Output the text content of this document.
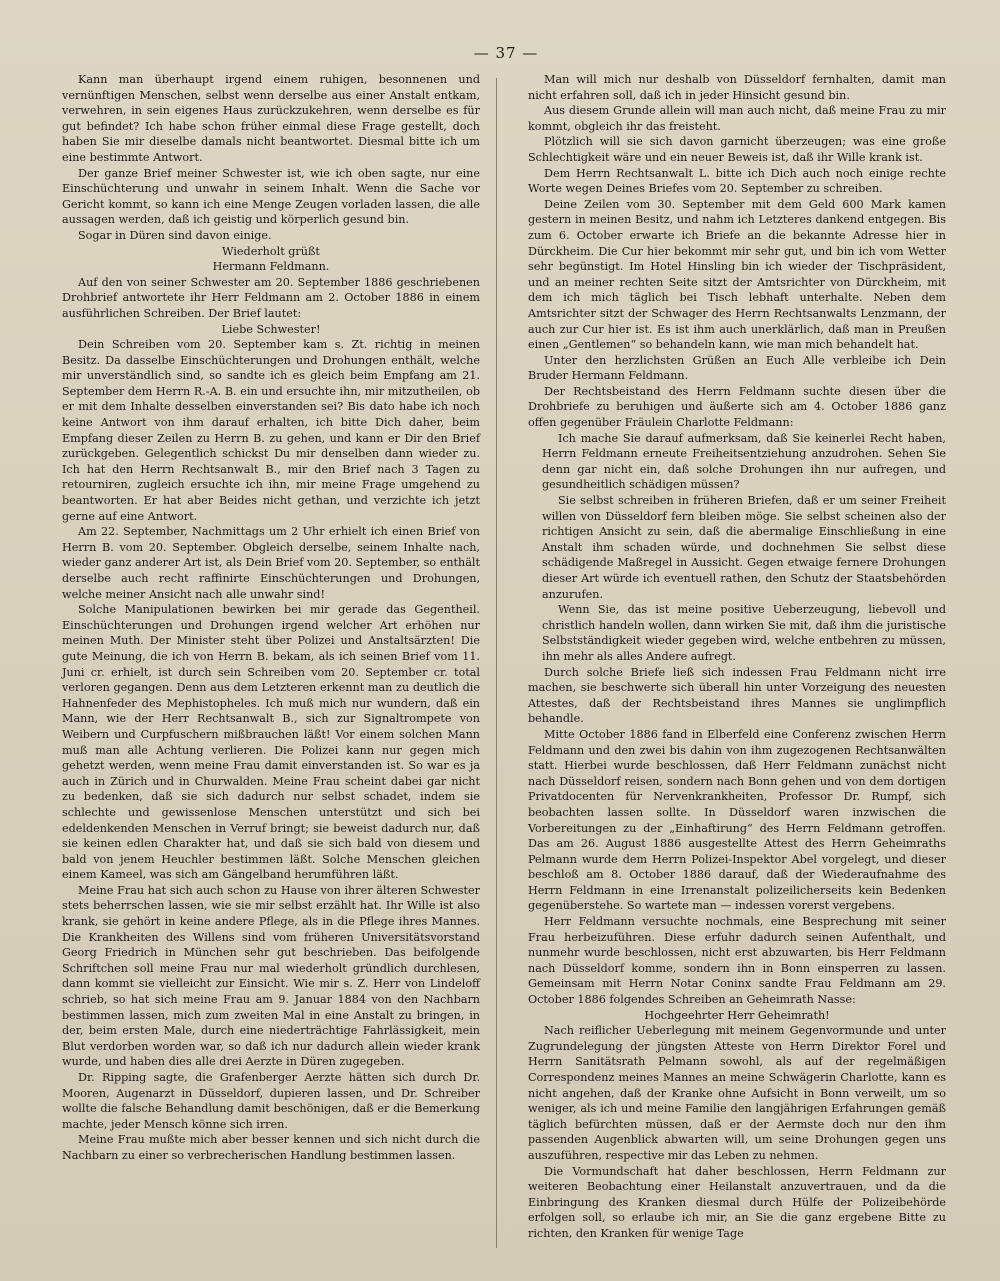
— 37 —

Kann man überhaupt irgend einem ruhigen, besonnenen und vernünftigen Menschen, selbst wenn derselbe aus einer Anstalt entkam, verwehren, in sein eigenes Haus zurückzukehren, wenn derselbe es für gut befindet? Ich habe schon früher einmal diese Frage gestellt, doch haben Sie mir dieselbe damals nicht beantwortet. Diesmal bitte ich um eine bestimmte Antwort.

Der ganze Brief meiner Schwester ist, wie ich oben sagte, nur eine Einschüchterung und unwahr in seinem Inhalt. Wenn die Sache vor Gericht kommt, so kann ich eine Menge Zeugen vorladen lassen, die alle aussagen werden, daß ich geistig und körperlich gesund bin.

Sogar in Düren sind davon einige.

Wiederholt grüßt

Hermann Feldmann.

Auf den von seiner Schwester am 20. September 1886 geschriebenen Drohbrief antwortete ihr Herr Feldmann am 2. October 1886 in einem ausführlichen Schreiben. Der Brief lautet:

Liebe Schwester!

Dein Schreiben vom 20. September kam s. Zt. richtig in meinen Besitz. Da dasselbe Einschüchterungen und Drohungen enthält, welche mir unverständlich sind, so sandte ich es gleich beim Empfang am 21. September dem Herrn R.-A. B. ein und ersuchte ihn, mir mitzutheilen, ob er mit dem Inhalte desselben einverstanden sei? Bis dato habe ich noch keine Antwort von ihm darauf erhalten, ich bitte Dich daher, beim Empfang dieser Zeilen zu Herrn B. zu gehen, und kann er Dir den Brief zurückgeben. Gelegentlich schickst Du mir denselben dann wieder zu. Ich hat den Herrn Rechtsanwalt B., mir den Brief nach 3 Tagen zu retourniren, zugleich ersuchte ich ihn, mir meine Frage umgehend zu beantworten. Er hat aber Beides nicht gethan, und verzichte ich jetzt gerne auf eine Antwort.

Am 22. September, Nachmittags um 2 Uhr erhielt ich einen Brief von Herrn B. vom 20. September. Obgleich derselbe, seinem Inhalte nach, wieder ganz anderer Art ist, als Dein Brief vom 20. September, so enthält derselbe auch recht raffinirte Einschüchterungen und Drohungen, welche meiner Ansicht nach alle unwahr sind!

Solche Manipulationen bewirken bei mir gerade das Gegentheil. Einschüchterungen und Drohungen irgend welcher Art erhöhen nur meinen Muth. Der Minister steht über Polizei und Anstaltsärzten! Die gute Meinung, die ich von Herrn B. bekam, als ich seinen Brief vom 11. Juni cr. erhielt, ist durch sein Schreiben vom 20. September cr. total verloren gegangen. Denn aus dem Letzteren erkennt man zu deutlich die Hahnenfeder des Mephistopheles. Ich muß mich nur wundern, daß ein Mann, wie der Herr Rechtsanwalt B., sich zur Signaltrompete von Weibern und Curpfuschern mißbrauchen läßt! Vor einem solchen Mann muß man alle Achtung verlieren. Die Polizei kann nur gegen mich gehetzt werden, wenn meine Frau damit einverstanden ist. So war es ja auch in Zürich und in Churwalden. Meine Frau scheint dabei gar nicht zu bedenken, daß sie sich dadurch nur selbst schadet, indem sie schlechte und gewissenlose Menschen unterstützt und sich bei edeldenkenden Menschen in Verruf bringt; sie beweist dadurch nur, daß sie keinen edlen Charakter hat, und daß sie sich bald von diesem und bald von jenem Heuchler bestimmen läßt. Solche Menschen gleichen einem Kameel, was sich am Gängelband herumführen läßt.

Meine Frau hat sich auch schon zu Hause von ihrer älteren Schwester stets beherrschen lassen, wie sie mir selbst erzählt hat. Ihr Wille ist also krank, sie gehört in keine andere Pflege, als in die Pflege ihres Mannes. Die Krankheiten des Willens sind vom früheren Universitätsvorstand Georg Friedrich in München sehr gut beschrieben. Das beifolgende Schriftchen soll meine Frau nur mal wiederholt gründlich durchlesen, dann kommt sie vielleicht zur Einsicht. Wie mir s. Z. Herr von Lindeloff schrieb, so hat sich meine Frau am 9. Januar 1884 von den Nachbarn bestimmen lassen, mich zum zweiten Mal in eine Anstalt zu bringen, in der, beim ersten Male, durch eine niederträchtige Fahrlässigkeit, mein Blut verdorben worden war, so daß ich nur dadurch allein wieder krank wurde, und haben dies alle drei Aerzte in Düren zugegeben.

Dr. Ripping sagte, die Grafenberger Aerzte hätten sich durch Dr. Mooren, Augenarzt in Düsseldorf, dupieren lassen, und Dr. Schreiber wollte die falsche Behandlung damit beschönigen, daß er die Bemerkung machte, jeder Mensch könne sich irren.

Meine Frau mußte mich aber besser kennen und sich nicht durch die Nachbarn zu einer so verbrecherischen Handlung bestimmen lassen.

Man will mich nur deshalb von Düsseldorf fernhalten, damit man nicht erfahren soll, daß ich in jeder Hinsicht gesund bin.

Aus diesem Grunde allein will man auch nicht, daß meine Frau zu mir kommt, obgleich ihr das freisteht.

Plötzlich will sie sich davon garnicht überzeugen; was eine große Schlechtigkeit wäre und ein neuer Beweis ist, daß ihr Wille krank ist.

Dem Herrn Rechtsanwalt L. bitte ich Dich auch noch einige rechte Worte wegen Deines Briefes vom 20. September zu schreiben.

Deine Zeilen vom 30. September mit dem Geld 600 Mark kamen gestern in meinen Besitz, und nahm ich Letzteres dankend entgegen. Bis zum 6. October erwarte ich Briefe an die bekannte Adresse hier in Dürckheim. Die Cur hier bekommt mir sehr gut, und bin ich vom Wetter sehr begünstigt. Im Hotel Hinsling bin ich wieder der Tischpräsident, und an meiner rechten Seite sitzt der Amtsrichter von Dürckheim, mit dem ich mich täglich bei Tisch lebhaft unterhalte. Neben dem Amtsrichter sitzt der Schwager des Herrn Rechtsanwalts Lenzmann, der auch zur Cur hier ist. Es ist ihm auch unerklärlich, daß man in Preußen einen „Gentlemen“ so behandeln kann, wie man mich behandelt hat.

Unter den herzlichsten Grüßen an Euch Alle verbleibe ich Dein Bruder Hermann Feldmann.

Der Rechtsbeistand des Herrn Feldmann suchte diesen über die Drohbriefe zu beruhigen und äußerte sich am 4. October 1886 ganz offen gegenüber Fräulein Charlotte Feldmann:

Ich mache Sie darauf aufmerksam, daß Sie keinerlei Recht haben, Herrn Feldmann erneute Freiheitsentziehung anzudrohen. Sehen Sie denn gar nicht ein, daß solche Drohungen ihn nur aufregen, und gesundheitlich schädigen müssen?

Sie selbst schreiben in früheren Briefen, daß er um seiner Freiheit willen von Düsseldorf fern bleiben möge. Sie selbst scheinen also der richtigen Ansicht zu sein, daß die abermalige Einschließung in eine Anstalt ihm schaden würde, und dochnehmen Sie selbst diese schädigende Maßregel in Aussicht. Gegen etwaige fernere Drohungen dieser Art würde ich eventuell rathen, den Schutz der Staatsbehörden anzurufen.

Wenn Sie, das ist meine positive Ueberzeugung, liebevoll und christlich handeln wollen, dann wirken Sie mit, daß ihm die juristische Selbstständigkeit wieder gegeben wird, welche entbehren zu müssen, ihn mehr als alles Andere aufregt.

Durch solche Briefe ließ sich indessen Frau Feldmann nicht irre machen, sie beschwerte sich überall hin unter Vorzeigung des neuesten Attestes, daß der Rechtsbeistand ihres Mannes sie unglimpflich behandle.

Mitte October 1886 fand in Elberfeld eine Conferenz zwischen Herrn Feldmann und den zwei bis dahin von ihm zugezogenen Rechtsanwälten statt. Hierbei wurde beschlossen, daß Herr Feldmann zunächst nicht nach Düsseldorf reisen, sondern nach Bonn gehen und von dem dortigen Privatdocenten für Nervenkrankheiten, Professor Dr. Rumpf, sich beobachten lassen sollte. In Düsseldorf waren inzwischen die Vorbereitungen zu der „Einhaftirung“ des Herrn Feldmann getroffen. Das am 26. August 1886 ausgestellte Attest des Herrn Geheimraths Pelmann wurde dem Herrn Polizei-Inspektor Abel vorgelegt, und dieser beschloß am 8. October 1886 darauf, daß der Wiederaufnahme des Herrn Feldmann in eine Irrenanstalt polizeilicherseits kein Bedenken gegenüberstehe. So wartete man — indessen vorerst vergebens.

Herr Feldmann versuchte nochmals, eine Besprechung mit seiner Frau herbeizuführen. Diese erfuhr dadurch seinen Aufenthalt, und nunmehr wurde beschlossen, nicht erst abzuwarten, bis Herr Feldmann nach Düsseldorf komme, sondern ihn in Bonn einsperren zu lassen. Gemeinsam mit Herrn Notar Coninx sandte Frau Feldmann am 29. October 1886 folgendes Schreiben an Geheimrath Nasse:

Hochgeehrter Herr Geheimrath!

Nach reiflicher Ueberlegung mit meinem Gegenvormunde und unter Zugrundelegung der jüngsten Atteste von Herrn Direktor Forel und Herrn Sanitätsrath Pelmann sowohl, als auf der regelmäßigen Correspondenz meines Mannes an meine Schwägerin Charlotte, kann es nicht angehen, daß der Kranke ohne Aufsicht in Bonn verweilt, um so weniger, als ich und meine Familie den langjährigen Erfahrungen gemäß täglich befürchten müssen, daß er der Aermste doch nur den ihm passenden Augenblick abwarten will, um seine Drohungen gegen uns auszuführen, respective mir das Leben zu nehmen.

Die Vormundschaft hat daher beschlossen, Herrn Feldmann zur weiteren Beobachtung einer Heilanstalt anzuvertrauen, und da die Einbringung des Kranken diesmal durch Hülfe der Polizeibehörde erfolgen soll, so erlaube ich mir, an Sie die ganz ergebene Bitte zu richten, den Kranken für wenige Tage
